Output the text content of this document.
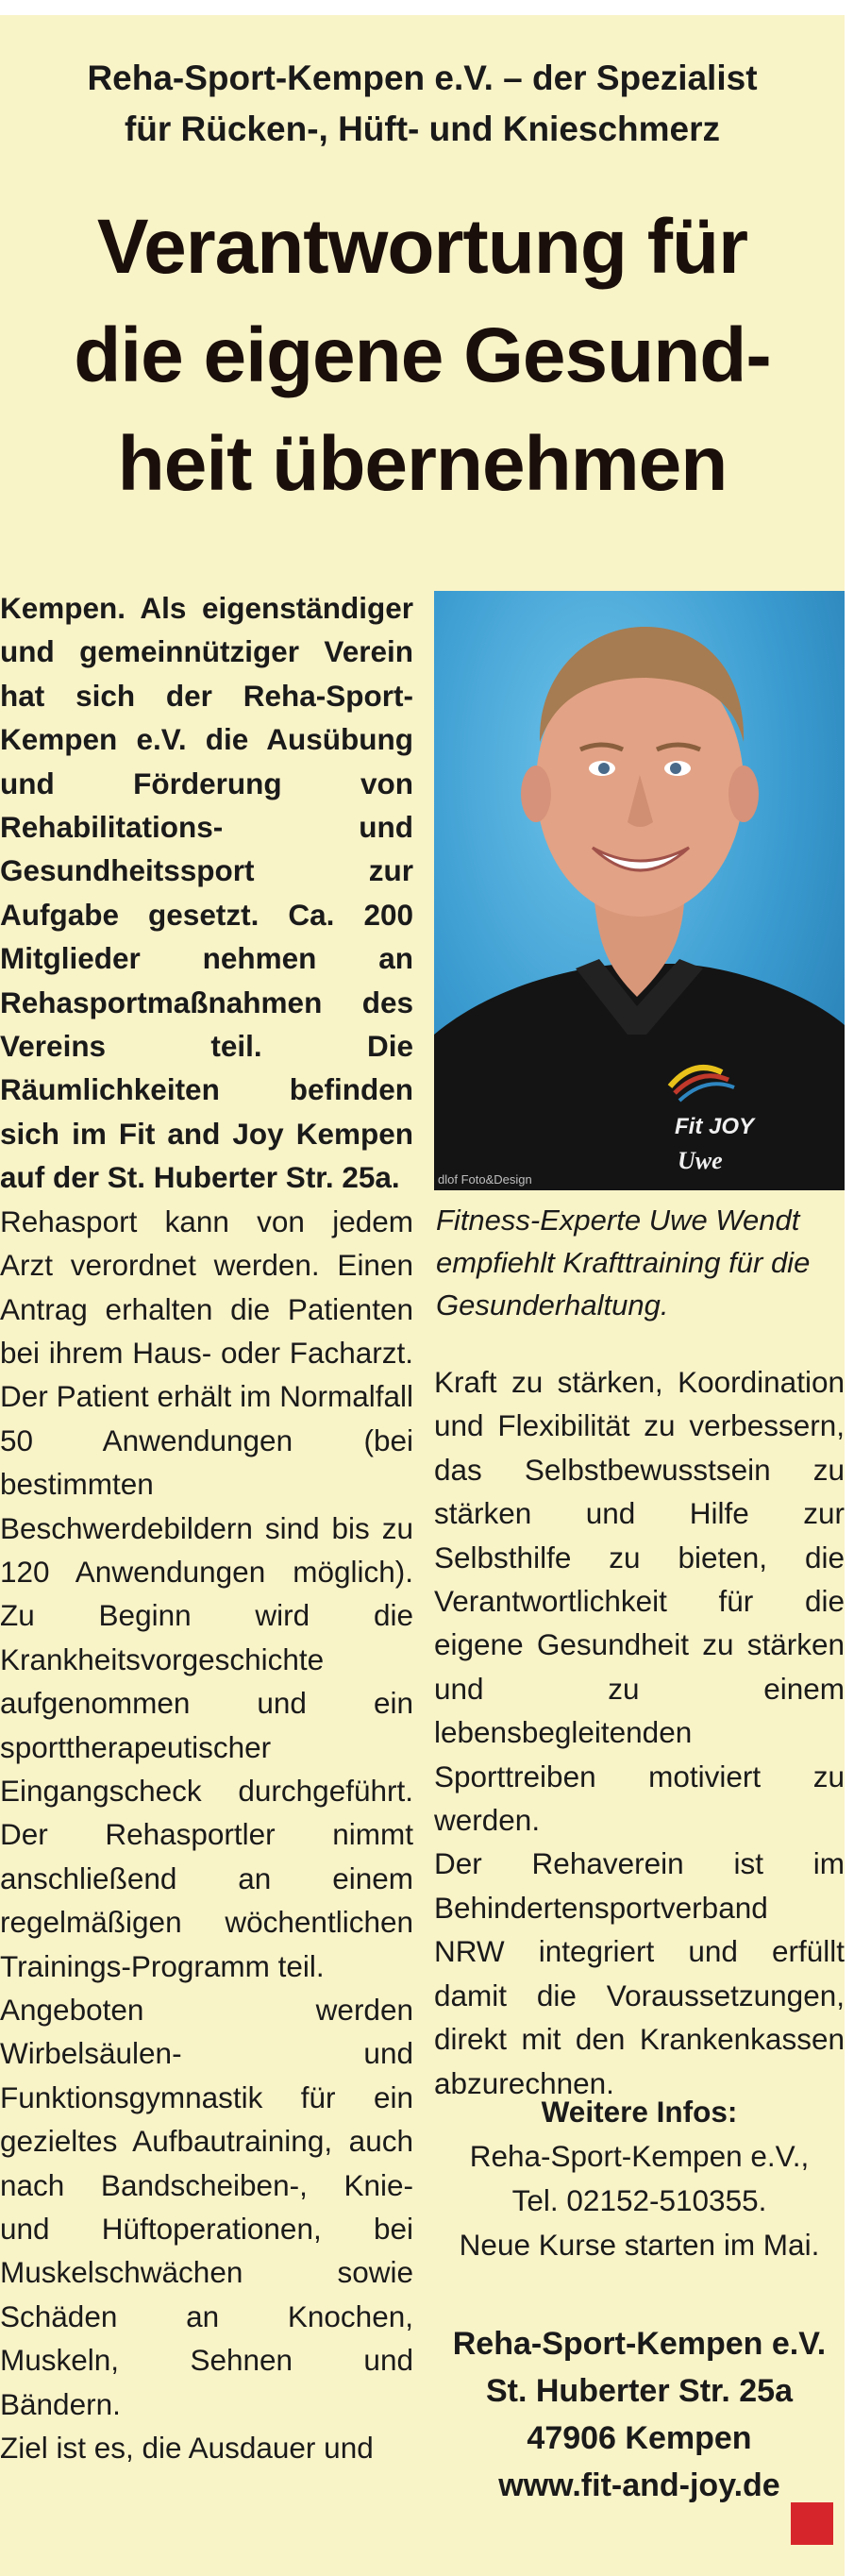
Reha-Sport-Kempen e.V. – der Spezialist
für Rücken-, Hüft- und Knieschmerz
Verantwortung für
die eigene Gesund-
heit übernehmen

Kempen. Als eigenständiger und gemeinnütziger Verein hat sich der Reha-Sport-Kempen e.V. die Ausübung und Förderung von Rehabilitations- und Gesundheitssport zur Aufgabe gesetzt. Ca. 200 Mitglieder nehmen an Rehasportmaßnahmen des Vereins teil. Die Räumlichkeiten befinden sich im Fit and Joy Kempen auf der St. Huberter Str. 25a.

Rehasport kann von jedem Arzt verordnet werden. Einen Antrag erhalten die Patienten bei ihrem Haus- oder Facharzt. Der Patient erhält im Normalfall 50 Anwendungen (bei bestimmten Beschwerdebildern sind bis zu 120 Anwendungen möglich). Zu Beginn wird die Krankheitsvorgeschichte aufgenommen und ein sporttherapeutischer Eingangscheck durchgeführt. Der Rehasportler nimmt anschließend an einem regelmäßigen wöchentlichen Trainings-Programm teil.

Angeboten werden Wirbelsäulen- und Funktionsgymnastik für ein gezieltes Aufbautraining, auch nach Bandscheiben-, Knie- und Hüftoperationen, bei Muskelschwächen sowie Schäden an Knochen, Muskeln, Sehnen und Bändern.

Ziel ist es, die Ausdauer und

Fit JOY
Uwe
dlof Foto&Design
Fitness-Experte Uwe Wendt empfiehlt Krafttraining für die Gesunderhaltung.

Kraft zu stärken, Koordination und Flexibilität zu verbessern, das Selbstbewusstsein zu stärken und Hilfe zur Selbsthilfe zu bieten, die Verantwortlichkeit für die eigene Gesundheit zu stärken und zu einem lebensbegleitenden Sporttreiben motiviert zu werden.

Der Rehaverein ist im Behindertensportverband NRW integriert und erfüllt damit die Voraussetzungen, direkt mit den Krankenkassen abzurechnen.

Weitere Infos:
Reha-Sport-Kempen e.V.,
Tel. 02152-510355.
Neue Kurse starten im Mai.
Reha-Sport-Kempen e.V.
St. Huberter Str. 25a
47906 Kempen
www.fit-and-joy.de
